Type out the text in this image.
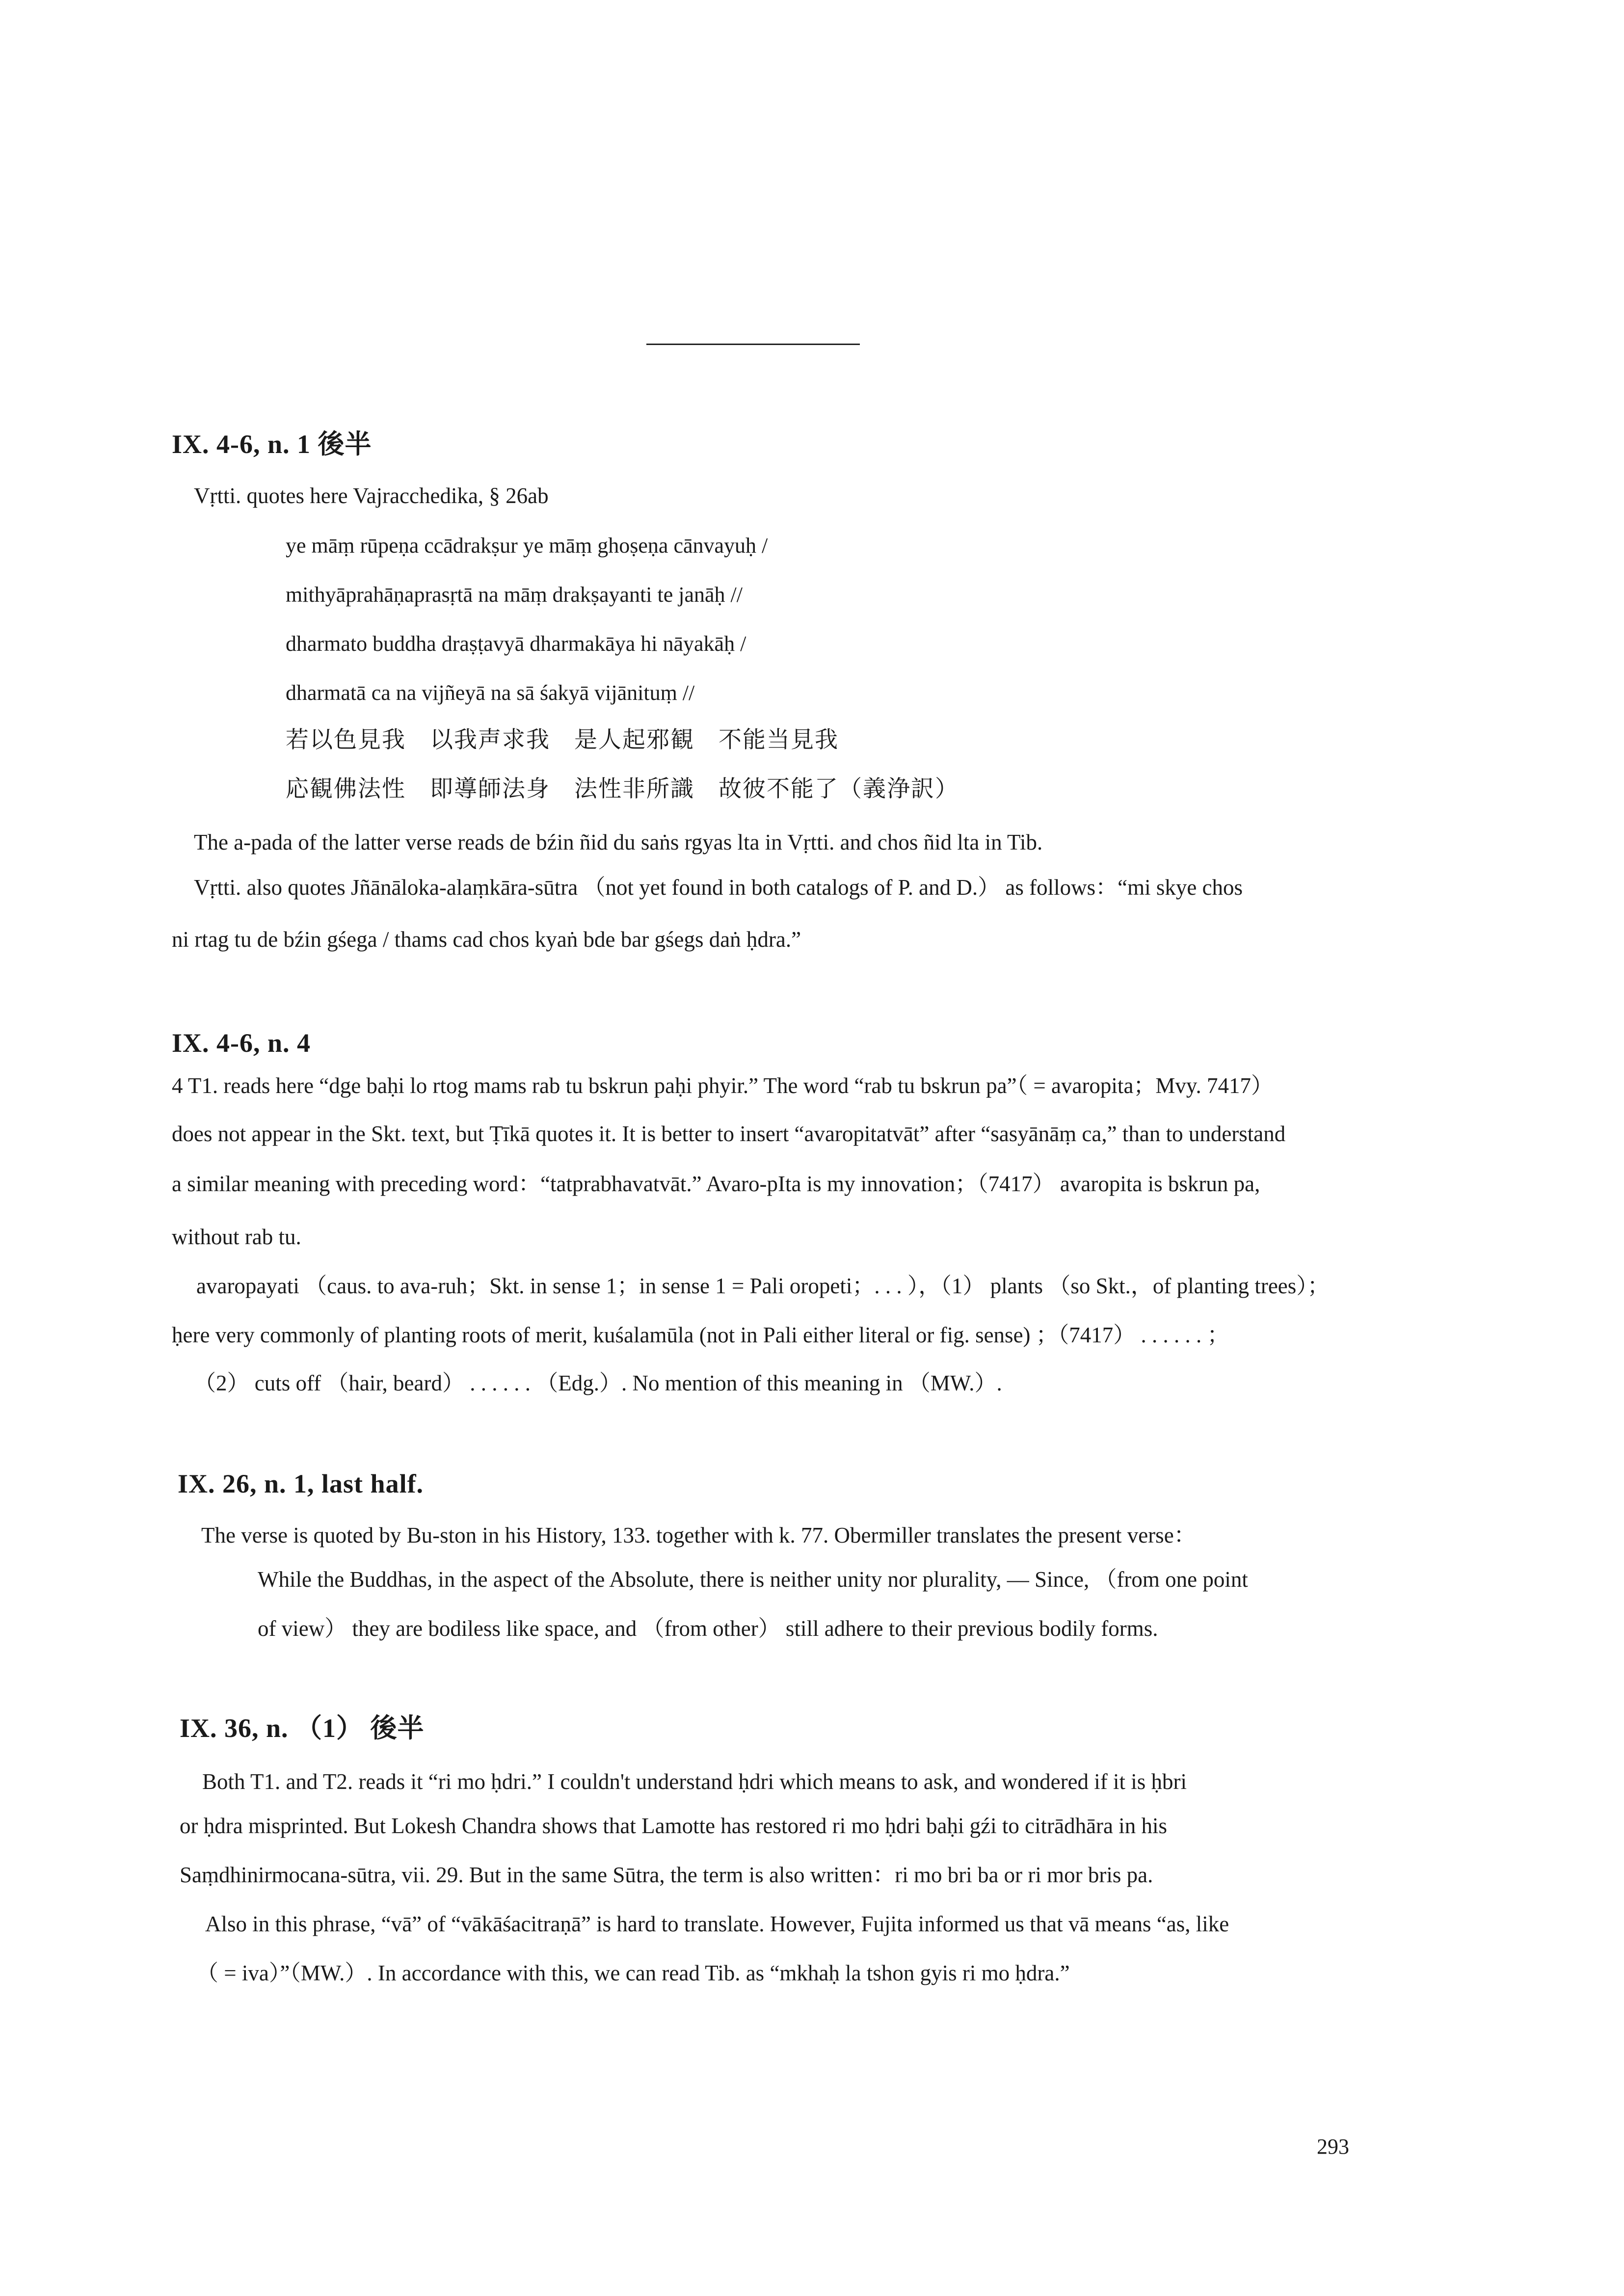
IX. 4-6, n. 1 後半
Vṛtti. quotes here Vajracchedika, § 26ab
ye māṃ rūpeṇa ccādrakṣur ye māṃ ghoṣeṇa cānvayuḥ /
mithyāprahāṇaprasṛtā na māṃ drakṣayanti te janāḥ //
dharmato buddha draṣṭavyā dharmakāya hi nāyakāḥ /
dharmatā ca na vijñeyā na sā śakyā vijānituṃ //
若以色見我　以我声求我　是人起邪観　不能当見我
応観佛法性　即導師法身　法性非所識　故彼不能了（義浄訳）
The a-pada of the latter verse reads de bźin ñid du saṅs rgyas lta in Vṛtti. and chos ñid lta in Tib.
Vṛtti. also quotes Jñānāloka-alaṃkāra-sūtra （not yet found in both catalogs of P. and D.） as follows：“mi skye chos
ni rtag tu de bźin gśega / thams cad chos kyaṅ bde bar gśegs daṅ ḥdra.”
IX. 4-6, n. 4
4 T1. reads here “dge baḥi lo rtog mams rab tu bskrun paḥi phyir.” The word “rab tu bskrun pa”（ = avaropita；Mvy. 7417）
does not appear in the Skt. text, but Ṭīkā quotes it. It is better to insert “avaropitatvāt” after “sasyānāṃ ca,” than to understand
a similar meaning with preceding word：“tatprabhavatvāt.” Avaro-pIta is my innovation；（7417） avaropita is bskrun pa,
without rab tu.
avaropayati （caus. to ava-ruh；Skt. in sense 1；in sense 1 = Pali oropeti；. . . ），（1） plants （so Skt.，of planting trees）；
ḥere very commonly of planting roots of merit, kuśalamūla (not in Pali either literal or fig. sense) ；（7417） . . . . . . ；
（2） cuts off （hair, beard） . . . . . . （Edg.）. No mention of this meaning in （MW.）.
IX. 26, n. 1, last half.
The verse is quoted by Bu-ston in his History, 133. together with k. 77. Obermiller translates the present verse：
While the Buddhas, in the aspect of the Absolute, there is neither unity nor plurality, — Since, （from one point
of view） they are bodiless like space, and （from other） still adhere to their previous bodily forms.
IX. 36, n. （1） 後半
Both T1. and T2. reads it “ri mo ḥdri.” I couldn't understand ḥdri which means to ask, and wondered if it is ḥbri
or ḥdra misprinted. But Lokesh Chandra shows that Lamotte has restored ri mo ḥdri baḥi gźi to citrādhāra in his
Saṃdhinirmocana-sūtra, vii. 29. But in the same Sūtra, the term is also written：ri mo bri ba or ri mor bris pa.
Also in this phrase, “vā” of “vākāśacitraṇā” is hard to translate. However, Fujita informed us that vā means “as, like
（ = iva）”（MW.）. In accordance with this, we can read Tib. as “mkhaḥ la tshon gyis ri mo ḥdra.”
293
